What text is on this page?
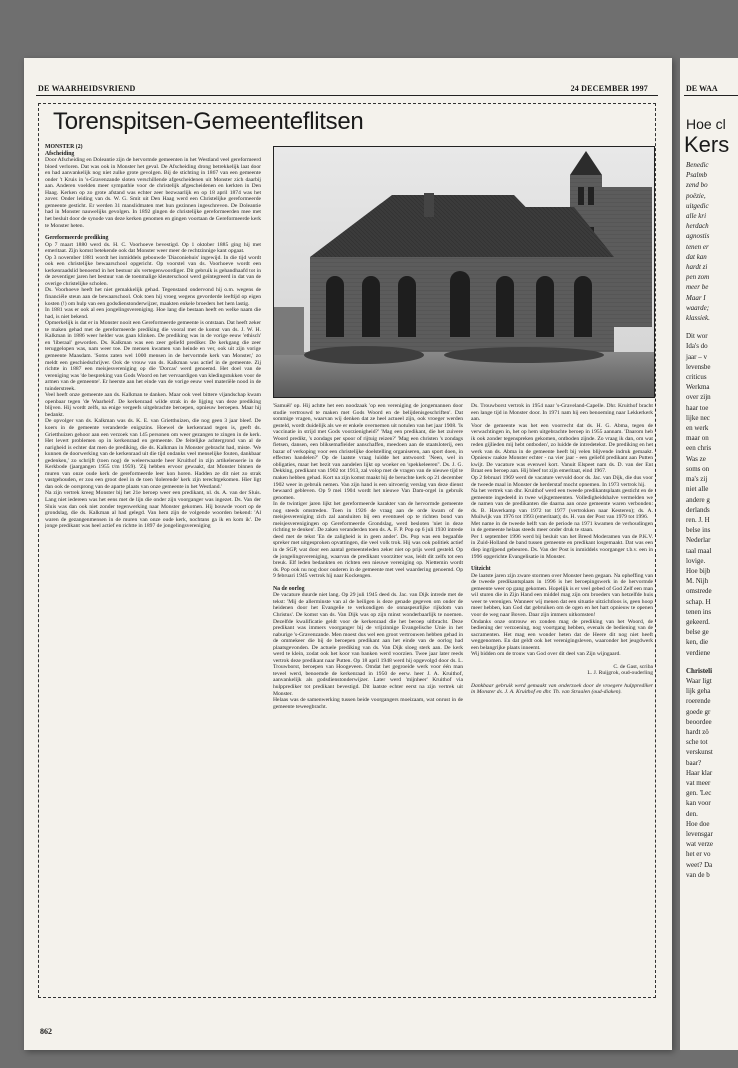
DE WAARHEIDSVRIEND	24 DECEMBER 1997
Torenspitsen-Gemeenteflitsen
MONSTER (2)
Afscheiding

Door Afscheiding en Doleantie zijn de hervormde gemeenten in het Westland veel gereformeerd bloed verloren. Dat was ook in Monster het geval. De Afscheiding drong betrekkelijk laat door en had aanvankelijk nog niet zulke grote gevolgen. Bij de stichting in 1867 van een gemeente onder 't Kruis in 's-Gravenzande sloten verschillende afgescheidenen uit Monster zich daarbij aan. Anderen voelden meer sympathie voor de christelijk afgescheidenen en kerkten in Den Haag. Kerken op zo grote afstand was echter zeer bezwaarlijk en op 18 april 1874 was het zover. Onder leiding van ds. W. G. Smit uit Den Haag werd een Christelijke gereformeerde gemeente gesticht. Er werden 31 manslidmaten met hun gezinnen ingeschreven. De Doleantie had in Monster nauwelijks gevolgen. In 1892 gingen de christelijke gereformeerden mee met het besluit door de synode van deze kerken genomen en gingen voortaan de Gereformeerde kerk te Monster heten.

Gereformeerde prediking

Op 7 maart 1880 werd ds. H. C. Voorhoeve bevestigd. Op 1 oktober 1885 ging hij met emeritaat. Zijn komst betekende ook dat Monster weer meer de rechtzinnige kant opgaat.

Op 3 november 1881 wordt het inmiddels gebouwde 'Diaconiehuis' ingewijd. In die tijd wordt ook een christelijke bewaarschool opgericht. Op voorstel van ds. Voorhoeve wordt een kerkenraadslid benoemd in het bestuur als vertegenwoordiger. Dit gebruik is gehandhaafd tot in de zeventiger jaren het bestuur van de toenmalige kleuterschool werd geïntegreerd in dat van de overige christelijke scholen.

Ds. Voorhoeve heeft het niet gemakkelijk gehad. Tegenstand ondervond hij o.m. wegens de financiële steun aan de bewaarschool. Ook toen hij vroeg wegens gevorderde leeftijd op eigen kosten (!) om hulp van een godsdienstonderwijzer, maakten enkele broeders het hem lastig.

In 1881 was er ook al een jongelingsvereniging. Hoe lang die bestaan heeft en welke naam die had, is niet bekend.

Opmerkelijk is dat er in Monster nooit een Gereformeerde gemeente is ontstaan. Dat heeft zeker te maken gehad met de gereformeerde prediking die vooral met de komst van ds. J. W. H. Kalkman in 1886 weer helder was gaan klinken. De prediking was in de vorige eeuw 'ethisch' en 'liberaal' geworden. Ds. Kalkman was een zeer geliefd prediker. De kerkgang die zeer teruggelopen was, nam weer toe. De mensen kwamen van heinde en ver, ook uit zijn vorige gemeente Maasdam. 'Soms zaten wel 1000 mensen in de hervormde kerk van Monster,' zo meldt een geschiedschrijver. Ook de vrouw van ds. Kalkman was actief in de gemeente. Zij richtte in 1887 een meisjesvereniging op die 'Dorcas' werd genoemd. Het doel van de vereniging was 'de bespreking van Gods Woord en het vervaardigen van kledingstukken voor de armen van de gemeente'. Er heerste aan het einde van de vorige eeuw veel materiële nood in de tuinderstreek.

Veel heeft onze gemeente aan ds. Kalkman te danken. Maar ook veel bittere vijandschap kwam openbaar tegen 'de Waarheid'. De kerkenraad wilde strak in de lijging van deze prediking blijven. Hij wordt zelfs, na enige vergeefs uitgebrachte beroepen, opnieuw beroepen. Maar hij bedankt.

De opvolger van ds. Kalkman was ds. K. E. van Grietthuizen, die nog geen 3 jaar bleef. De koers in de gemeente veranderde enigszins. Hoewel de kerkenraad tegen is, geeft ds. Grietthuizen gehoor aan een verzoek van 145 personen om weer gezangen te zingen in de kerk. Het levert problemen op in kerkenraad en gemeente. De feitelijke achtergrond van al de narigheid is echter dat men de prediking, die ds. Kalkman in Monster gebracht had, miste. 'We kunnen de doorwerking van de kerkenraad uit die tijd ondanks veel menselijke fouten, dankbaar gedenken,' zo schrijft (toen nog) de weleerwaarde heer Kruithof in zijn artikelenserie in de Kerkbode (jaargangen 1955 t/m 1959). 'Zij hebben ervoor gewaakt, dat Monster binnen de muren van onze oude kerk de gereformeerde leer kon horen. Hadden ze dit niet zo strak vastgehouden, er zou een groot deel in de toen 'dolerende' kerk zijn terechtgekomen. Hier ligt dan ook de oorsprong van de aparte plaats van onze gemeente in het Westland.'

Na zijn vertrek kreeg Monster bij het 21e beroep weer een predikant, nl. ds. A. van der Sluis. Lang niet iedereen was het eens met de lijn die onder zijn voorganger was ingezet. Ds. Van der Sluis was dan ook niet zonder tegenwerking naar Monster gekomen. Hij bouwde voort op de grondslag, die ds. Kalkman al had gelegd. Van hem zijn de volgende woorden bekend: 'Al waren de gezangenmensen in de muren van onze oude kerk, nochtans ga ik en kom ik'. De jonge predikant was heel actief en richtte in 1897 de jongelingsvereniging

'Samuël' op. Hij achtte het een noodzaak 'op een vereniging de jongemannen door studie vertrouwd te maken met Gods Woord en de belijdenisgeschriften'. Dat sommige vragen, waarvan wij denken dat ze heel actueel zijn, ook vroeger werden gesteld, wordt duidelijk als we er enkele overnemen uit notulen van het jaar 1908. 'Is vaccinatie in strijd met Gods voorzienigheid?' 'Mag een predikant, die het zuivere Woord predikt, 's zondags per spoor of rijtuig reizen?' 'Mag een christen 's zondags fietsen, dansen, een bliksemafleider aanschaffen, meedoen aan de staatsloterij, een bazar of verkoping voor een christelijke doelstelling organiseren, aan sport doen, in effecten handelen?' Op de laatste vraag luidde het antwoord: 'Neen, wel in obligaties, maar het bezit van aandelen lijkt op woeker en 'spekkeleeren''. Ds. J. G. Dekking, predikant van 1902 tot 1913, zal volop met de vragen van de nieuwe tijd te maken hebben gehad. Kort na zijn komst maakt hij de beruchte kerk op 21 december 1902 weer in gebruik nemen. Van zijn hand is een uitvoerig verslag van deze dienst bewaard gebleven. Op 9 mei 1904 wordt het nieuwe Van Dam-orgel in gebruik genomen.

In de twintiger jaren lijkt het gereformeerde karakter van de hervormde gemeente nog steeds omstreden. Toen in 1926 de vraag aan de orde kwam of de meisjesvereniging zich zal aansluiten bij een eventueel op te richten bond van meisjesverenigingen op Gereformeerde Grondslag, werd besloten 'niet in deze richting te denken'. De zaken veranderden toen ds. A. F. P. Pop op 6 juli 1930 intrede deed met de tekst 'En de zaligheid is in geen ander'. Ds. Pop was een begaafde spreker met uitgesproken opvattingen, die veel volk trok. Hij was ook politiek actief in de SGP, wat door een aantal gemeenteleden zeker niet op prijs werd gesteld. Op de jongelingsvereniging, waarvan de predikant voorzitter was, leidt dit zelfs tot een breuk. Elf leden bedankten en richten een nieuwe vereniging op. Niettemin wordt ds. Pop ook nu nog door ouderen in de gemeente met veel waardering genoemd. Op 9 februari 1945 vertrok hij naar Kockengen.

Na de oorlog

De vacature duurde niet lang. Op 29 juli 1945 deed ds. Jac. van Dijk intrede met de tekst: 'Mij de allerminste van al de heiligen is deze genade gegeven om onder de heidenen door het Evangelie te verkondigen de onnaspeurlijke rijkdom van Christus'. De komst van ds. Van Dijk was op zijn minst wonderbaarlijk te noemen. Dezelfde kwalificatie geldt voor de kerkenraad die het beroep uitbracht. Deze predikant was immers voorganger bij de vrijzinnige Evangelische Unie in het naburige 's-Gravenzande. Men moest dus wel een groot vertrouwen hebben gehad in de ommekeer die bij de beroepen predikant aan het einde van de oorlog had plaatsgevonden. De actuele prediking van ds. Van Dijk sloeg sterk aan. De kerk werd te klein, zodat ook het koor van banken werd voorzien. Twee jaar later reeds vertrok deze predikant naar Putten. Op 18 april 1948 werd hij opgevolgd door ds. L. Trouwborst, beroepen van Hoogeveen. Omdat het gegroeide werk voor één man teveel werd, benoemde de kerkenraad in 1950 de eerw. heer J. A. Kruithof, aanvankelijk als godsdienstonderwijzer. Later werd 'mijnheer' Kruithof via hulpprediker tot predikant bevestigd. Dit laatste echter eerst na zijn vertrek uit Monster.

Helaas was de samenwerking tussen beide voorgangers moeizaam, wat onrust in de gemeente teweegbracht.

Ds. Trouwborst vertrok in 1954 naar 's-Graveland-Capelle. Dhr. Kruithof bracht een lange tijd in Monster door. In 1971 nam hij een benoeming naar Lekkerkerk aan.

Voor de gemeente was het een voorrecht dat ds. H. G. Abma, tegen de verwachtingen in, het op hem uitgebrachte beroep in 1955 aannam. 'Daarom heb ik ook zonder tegenspreken gekomen, ontboden zijnde. Zo vraag ik dan, om wat reden gijlieden mij hebt ontboden', zo luidde de intredetekst. De prediking en het werk van ds. Abma in de gemeente heeft bij velen blijvende indruk gemaakt. Opnieuw raakte Monster echter - na vier jaar - een geliefd predikant aan Putten kwijt. De vacature was evenwel kort. Vanuit Elspeet nam ds. D. van der Ent Braat een beroep aan. Hij bleef tot zijn emeritaat, eind 1967.

Op 2 februari 1969 werd de vacature vervuld door ds. Jac. van Dijk, die dus voor de tweede maal in Monster de herderstaf mocht opnemen. In 1973 vertrok hij.

Na het vertrek van dhr. Kruithof werd een tweede predikantsplaats gesticht en de gemeente ingedeeld in twee wijkgemeenten. Volledigheidshalve vermelden we de namen van de predikanten die daarna aan onze gemeente waren verbonden: ds. B. Haverkamp van 1972 tot 1977 (vertrokken naar Kesteren); ds. A. Muilwijk van 1976 tot 1993 (emeritaat); ds. H. van der Post van 1979 tot 1996.

Met name in de tweede helft van de periode na 1971 kwamen de verhoudingen in de gemeente helaas steeds meer onder druk te staan.

Per 1 september 1996 werd bij besluit van het Breed Moderamen van de P.K.V. in Zuid-Holland de band tussen gemeente en predikant losgemaakt. Dat was een diep ingrijpend gebeuren. Ds. Van der Post is inmiddels voorganger t.b.v. een in 1996 opgerichte Evangelisatie in Monster.

Uitzicht

De laatste jaren zijn zware stormen over Monster heen gegaan. Na opheffing van de tweede predikantsplaats in 1996 is het beroepingswerk in de hervormde gemeente weer op gang gekomen. Hopelijk is er veel gebed of God Zelf een man wil sturen die in Zijn Hand een middel mag zijn om broeders van hetzelfde huis weer te verenigen. Wanneer wij menen dat een situatie uitzichtloos is, geen hoop meer hebben, kan God dat gebruiken om de ogen en het hart opnieuw te openen voor de weg naar Boven. Daar zijn immers uitkomsten!

Ondanks onze ontrouw en zonden mag de prediking van het Woord, de bediening der verzoening, nog voortgang hebben, evenals de bediening van de sacramenten. Het mag een wonder heten dat de Heere dit nog niet heeft weggenomen. En dat geldt ook het verenigingsleven, waaronder het jeugdwerk een belangrijke plaats inneemt.

Wij bidden om de trouw van God over dit deel van Zijn wijngaard.

C. de Gast, scriba

L. J. Ruijgrok, oud-ouderling

Dankbaar gebruik werd gemaakt van onderzoek door de vroegere hulpprediker in Monster ds. J. A. Kruithof en dhr. Th. van Straalen (oud-diaken).

862
DE WAA
Hoe cl
Kers
Benedic
Psalmb
zend bo
poëzie,
uitgedic
alle kri
herdach
agnostis
tenen er
dat kan
hardt zi
pen zom
meer be
Maar I
waarde;
klassiek.
Dit wor
Ida's do
jaar – v
levensbe
criticus
Werkma
over zijn
haar toe
lijke nec
en werk
maar on
een chris
Was ze
soms on
ma's zij
niet alle
andere g
derlands
ren. J. H
belse ins
Nederlar
taal maal
lovige.
Hoe bijb
M. Nijh
omstrede
schap. H
tenen ins
gekeerd.
belse ge
ken, die
verdiene
Christeli
Waar ligt
lijk geha
roerende
goede gr
beoordee
hardt zö
sche tot
verskunst
baar?
Haar klar
vat meer
gen. 'Lec
kan voor
den.
Hoe doe
levensgar
wat verze
het er vo
weet? Da
van de b
